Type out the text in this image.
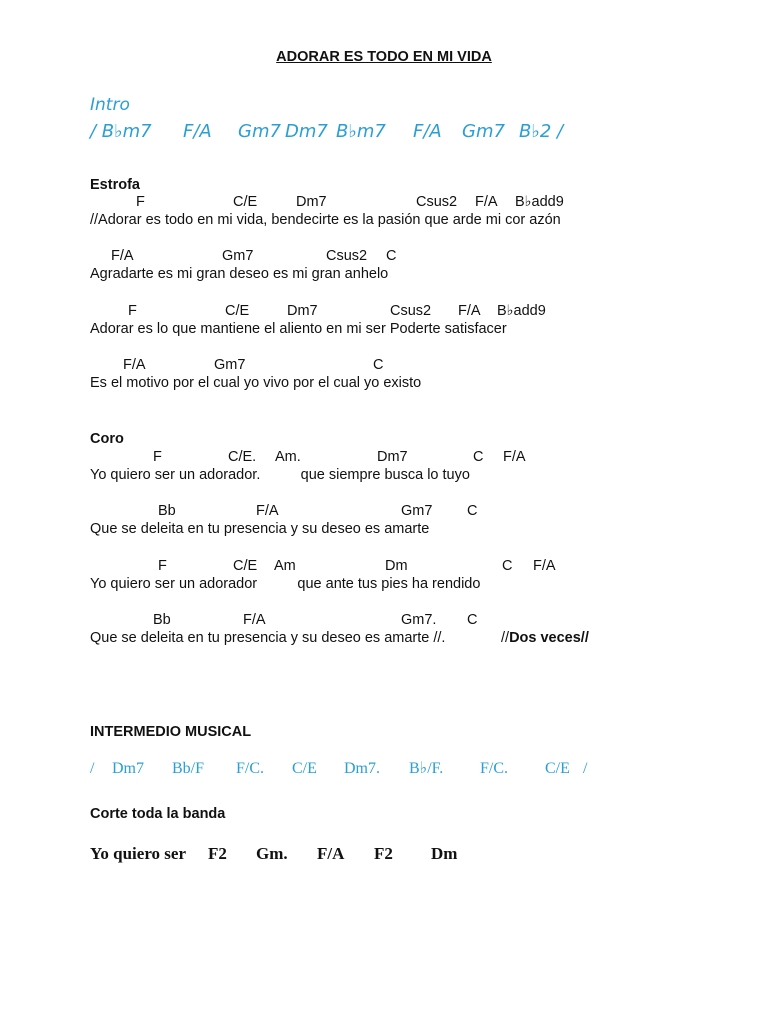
ADORAR ES TODO EN MI VIDA
Intro
/ B♭m7 F/A Gm7 Dm7 B♭m7 F/A Gm7 B♭2 /
Estrofa
F	C/E	Dm7	Csus2 F/A B♭add9
//Adorar es todo en mi vida, bendecirte es la pasión que arde mi cor azón
F/A	Gm7	Csus2 C
Agradarte es mi gran deseo es mi gran anhelo
F	C/E	Dm7	Csus2 F/A B♭add9
Adorar es lo que mantiene el aliento en mi ser Poderte satisfacer
F/A	Gm7	C
Es el motivo por el cual yo vivo por el cual yo existo
Coro
F	C/E. Am.	Dm7	C F/A
Yo quiero ser un adorador.          que siempre busca lo tuyo
Bb	F/A	Gm7 C
Que se deleita en tu presencia y su deseo es amarte
F	C/E Am	Dm	C F/A
Yo quiero ser un adorador          que ante tus pies ha rendido
Bb	F/A	Gm7. C
Que se deleita en tu presencia y su deseo es amarte //.	//Dos veces//
INTERMEDIO MUSICAL
/ Dm7 Bb/F F/C. C/E Dm7. B♭/F. F/C. C/E /
Corte toda la banda
Yo quiero ser F2 Gm. F/A F2 Dm
